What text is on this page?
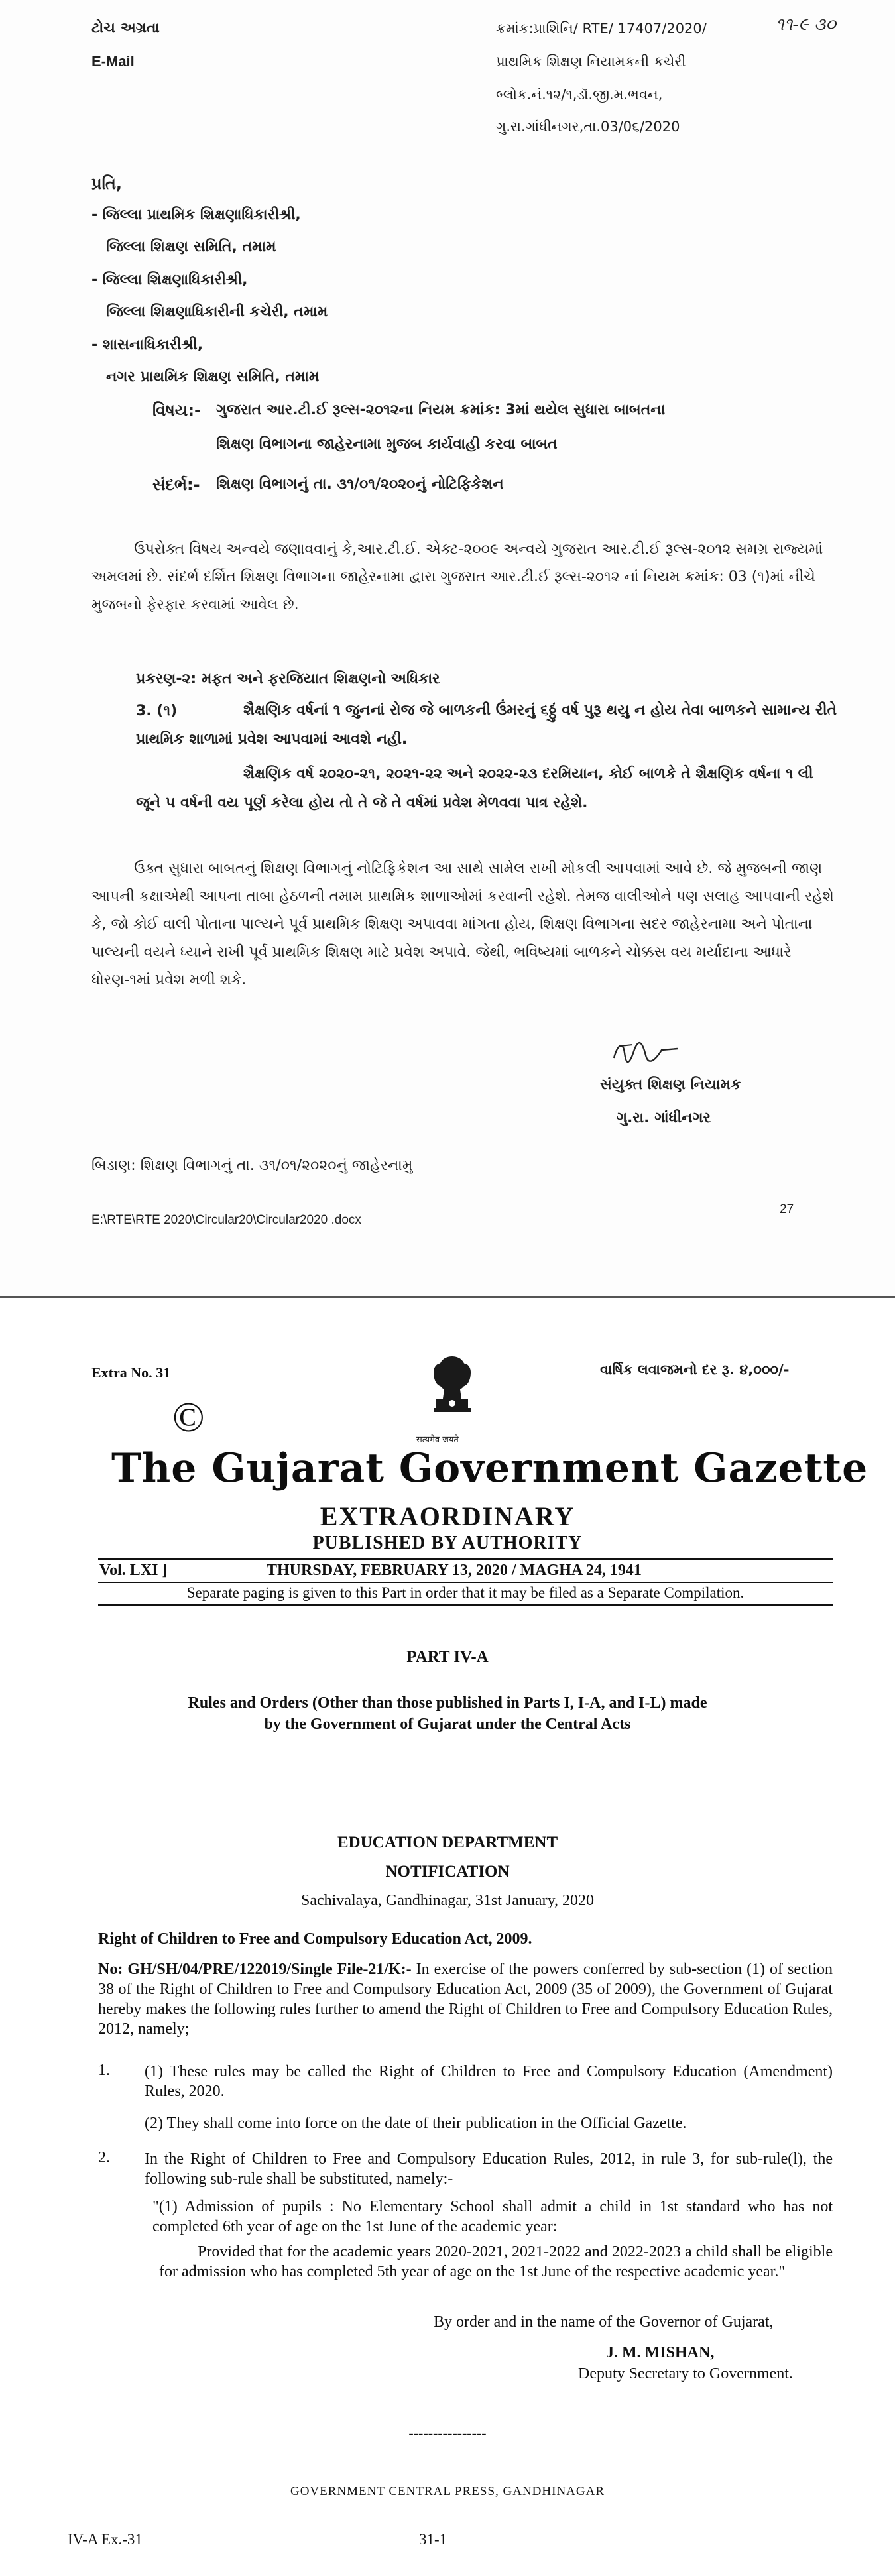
ટોચ અગ્રતા
E-Mail
ક્રમાંક:પ્રાશિનિ/ RTE/ 17407/2020/	૧૧-૯ ૩૦
પ્રાથમિક શિક્ષણ નિયામકની કચેરી
બ્લોક.નં.૧૨/૧,ડૉ.જી.મ.ભવન,
ગુ.રા.ગાંધીનગર,તા.03/0૬/2020
પ્રતિ,
- જિલ્લા પ્રાથમિક શિક્ષણાધિકારીશ્રી,
જિલ્લા શિક્ષણ સમિતિ, તમામ
- જિલ્લા શિક્ષણાધિકારીશ્રી,
જિલ્લા શિક્ષણાધિકારીની કચેરી, તમામ
- શાસનાધિકારીશ્રી,
નગર પ્રાથમિક શિક્ષણ સમિતિ, તમામ
વિષય:- ગુજરાત આર.ટી.ઈ રૂલ્સ-૨૦૧૨ના નિયમ ક્રમાંક: 3માં થયેલ સુધારા બાબતના
શિક્ષણ વિભાગના જાહેરનામા મુજબ કાર્યવાહી કરવા બાબત
સંદર્ભ:- શિક્ષણ વિભાગનું તા. ૩૧/૦૧/૨૦૨૦નું નોટિફિકેશન
ઉપરોક્ત વિષય અન્વયે જણાવવાનું કે,આર.ટી.ઈ. એક્ટ-૨૦૦૯ અન્વયે ગુજરાત આર.ટી.ઈ રૂલ્સ-૨૦૧૨ સમગ્ર રાજ્યમાં અમલમાં છે. સંદર્ભ દર્શિત શિક્ષણ વિભાગના જાહેરનામા દ્વારા ગુજરાત આર.ટી.ઈ રૂલ્સ-૨૦૧૨ નાં નિયમ ક્રમાંક: 03 (૧)માં નીચે મુજબનો ફેરફાર કરવામાં આવેલ છે.
પ્રકરણ-૨: મફત અને ફરજિયાત શિક્ષણનો અધિકાર
3. (૧)	શૈક્ષણિક વર્ષનાં ૧ જુનનાં રોજ જે બાળકની ઉંમરનું ૬ઠ્ઠું વર્ષ પુરૂ થયુ ન હોય તેવા બાળકને સામાન્ય રીતે પ્રાથમિક શાળામાં પ્રવેશ આપવામાં આવશે નહી.
શૈક્ષણિક વર્ષ ૨૦૨૦-૨૧, ૨૦૨૧-૨૨ અને ૨૦૨૨-૨૩ દરમિયાન, કોઈ બાળકે તે શૈક્ષણિક વર્ષના ૧ લી જૂને ૫ વર્ષની વય પૂર્ણ કરેલા હોય તો તે જે તે વર્ષમાં પ્રવેશ મેળવવા પાત્ર રહેશે.
ઉક્ત સુધારા બાબતનું શિક્ષણ વિભાગનું નોટિફિકેશન આ સાથે સામેલ રાખી મોકલી આપવામાં આવે છે. જે મુજબની જાણ આપની કક્ષાએથી આપના તાબા હેઠળની તમામ પ્રાથમિક શાળાઓમાં કરવાની રહેશે. તેમજ વાલીઓને પણ સલાહ આપવાની રહેશે કે, જો કોઈ વાલી પોતાના પાલ્યને પૂર્વ પ્રાથમિક શિક્ષણ અપાવવા માંગતા હોય, શિક્ષણ વિભાગના સદર જાહેરનામા અને પોતાના પાલ્યની વયને ધ્યાને રાખી પૂર્વ પ્રાથમિક શિક્ષણ માટે પ્રવેશ અપાવે. જેથી, ભવિષ્યમાં બાળકને ચોક્કસ વય મર્યાદાના આધારે ધોરણ-૧માં પ્રવેશ મળી શકે.
સંયુક્ત શિક્ષણ નિયામક
ગુ.રા. ગાંધીનગર
બિડાણ: શિક્ષણ વિભાગનું તા. ૩૧/૦૧/૨૦૨૦નું જાહેરનામુ
E:\RTE\RTE 2020\Circular20\Circular2020 .docx
27
Extra No. 31	વાર્ષિક લવાજમનો દર રૂ. ૪,૦૦૦/-
©	सत्यमेव जयते
The Gujarat Government Gazette
EXTRAORDINARY
PUBLISHED BY AUTHORITY
Vol. LXI ]	THURSDAY, FEBRUARY 13, 2020 / MAGHA 24, 1941
Separate paging is given to this Part in order that it may be filed as a Separate Compilation.
PART IV-A
Rules and Orders (Other than those published in Parts I, I-A, and I-L) made
by the Government of Gujarat under the Central Acts
EDUCATION DEPARTMENT
NOTIFICATION
Sachivalaya, Gandhinagar, 31st January, 2020
Right of Children to Free and Compulsory Education Act, 2009.
No: GH/SH/04/PRE/122019/Single File-21/K:- In exercise of the powers conferred by sub-section (1) of section 38 of the Right of Children to Free and Compulsory Education Act, 2009 (35 of 2009), the Government of Gujarat hereby makes the following rules further to amend the Right of Children to Free and Compulsory Education Rules, 2012, namely;
1. (1) These rules may be called the Right of Children to Free and Compulsory Education (Amendment) Rules, 2020.
(2) They shall come into force on the date of their publication in the Official Gazette.
2. In the Right of Children to Free and Compulsory Education Rules, 2012, in rule 3, for sub-rule(l), the following sub-rule shall be substituted, namely:-
"(1) Admission of pupils : No Elementary School shall admit a child in 1st standard who has not completed 6th year of age on the 1st June of the academic year:
Provided that for the academic years 2020-2021, 2021-2022 and 2022-2023 a child shall be eligible for admission who has completed 5th year of age on the 1st June of the respective academic year."
By order and in the name of the Governor of Gujarat,
J. M. MISHAN,
Deputy Secretary to Government.
----------------
GOVERNMENT CENTRAL PRESS, GANDHINAGAR
IV-A Ex.-31	31-1
